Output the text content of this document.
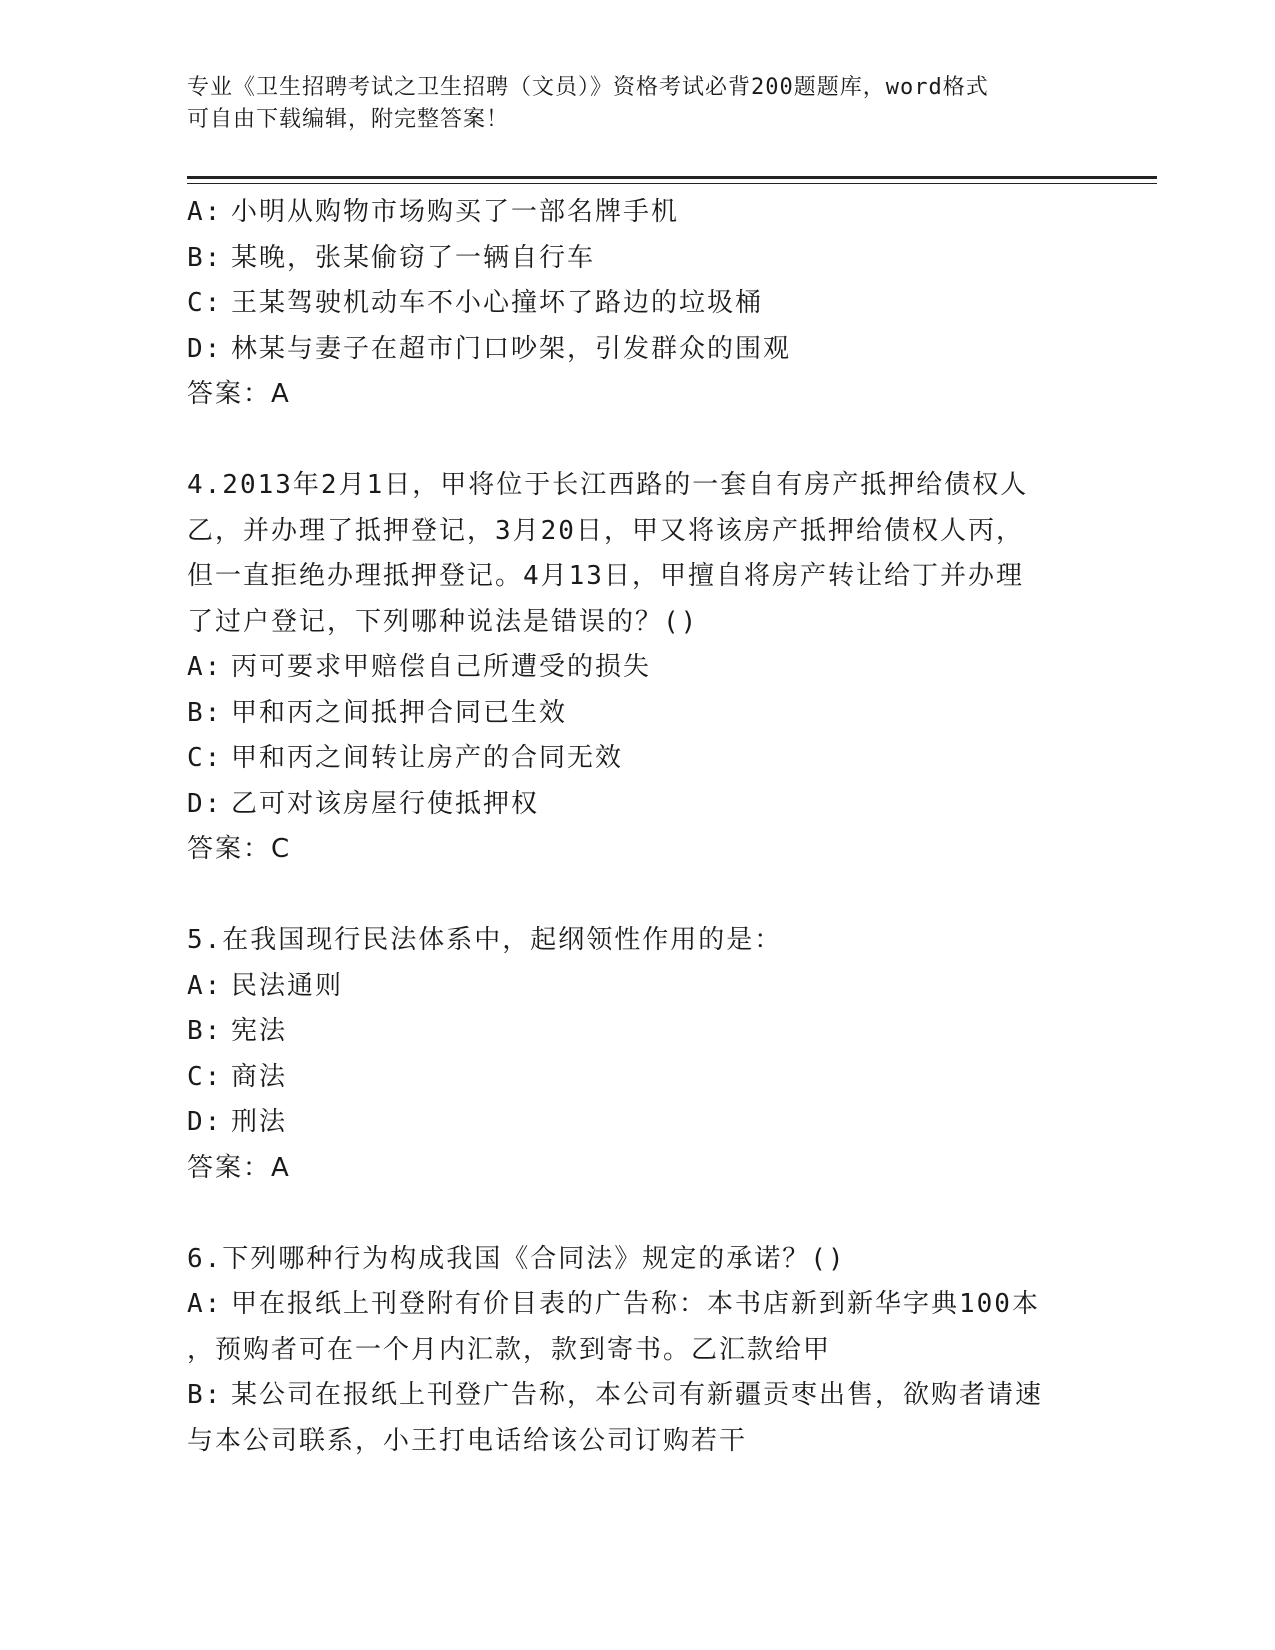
专业《卫生招聘考试之卫生招聘（文员）》资格考试必背200题题库，word格式
可自由下载编辑，附完整答案！
A: 小明从购物市场购买了一部名牌手机
B: 某晚，张某偷窃了一辆自行车
C: 王某驾驶机动车不小心撞坏了路边的垃圾桶
D: 林某与妻子在超市门口吵架，引发群众的围观
答案：A
4.2013年2月1日，甲将位于长江西路的一套自有房产抵押给债权人
乙，并办理了抵押登记，3月20日，甲又将该房产抵押给债权人丙，
但一直拒绝办理抵押登记。4月13日，甲擅自将房产转让给丁并办理
了过户登记，下列哪种说法是错误的？()
A: 丙可要求甲赔偿自己所遭受的损失
B: 甲和丙之间抵押合同已生效
C: 甲和丙之间转让房产的合同无效
D: 乙可对该房屋行使抵押权
答案：C
5.在我国现行民法体系中，起纲领性作用的是：
A: 民法通则
B: 宪法
C: 商法
D: 刑法
答案：A
6.下列哪种行为构成我国《合同法》规定的承诺？()
A: 甲在报纸上刊登附有价目表的广告称：本书店新到新华字典100本
，预购者可在一个月内汇款，款到寄书。乙汇款给甲
B: 某公司在报纸上刊登广告称，本公司有新疆贡枣出售，欲购者请速
与本公司联系，小王打电话给该公司订购若干
